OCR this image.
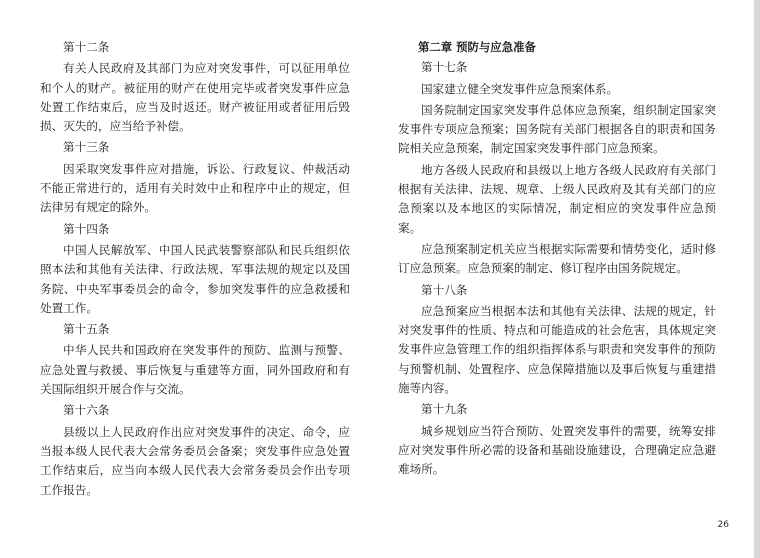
第十二条

有关人民政府及其部门为应对突发事件，可以征用单位和个人的财产。被征用的财产在使用完毕或者突发事件应急处置工作结束后，应当及时返还。财产被征用或者征用后毁损、灭失的，应当给予补偿。

第十三条

因采取突发事件应对措施，诉讼、行政复议、仲裁活动不能正常进行的，适用有关时效中止和程序中止的规定，但法律另有规定的除外。

第十四条

中国人民解放军、中国人民武装警察部队和民兵组织依照本法和其他有关法律、行政法规、军事法规的规定以及国务院、中央军事委员会的命令，参加突发事件的应急救援和处置工作。

第十五条

中华人民共和国政府在突发事件的预防、监测与预警、应急处置与救援、事后恢复与重建等方面，同外国政府和有关国际组织开展合作与交流。

第十六条

县级以上人民政府作出应对突发事件的决定、命令，应当报本级人民代表大会常务委员会备案；突发事件应急处置工作结束后，应当向本级人民代表大会常务委员会作出专项工作报告。

第二章 预防与应急准备

第十七条

国家建立健全突发事件应急预案体系。

国务院制定国家突发事件总体应急预案，组织制定国家突发事件专项应急预案；国务院有关部门根据各自的职责和国务院相关应急预案，制定国家突发事件部门应急预案。

地方各级人民政府和县级以上地方各级人民政府有关部门根据有关法律、法规、规章、上级人民政府及其有关部门的应急预案以及本地区的实际情况，制定相应的突发事件应急预案。

应急预案制定机关应当根据实际需要和情势变化，适时修订应急预案。应急预案的制定、修订程序由国务院规定。

第十八条

应急预案应当根据本法和其他有关法律、法规的规定，针对突发事件的性质、特点和可能造成的社会危害，具体规定突发事件应急管理工作的组织指挥体系与职责和突发事件的预防与预警机制、处置程序、应急保障措施以及事后恢复与重建措施等内容。

第十九条

城乡规划应当符合预防、处置突发事件的需要，统筹安排应对突发事件所必需的设备和基础设施建设，合理确定应急避难场所。

26
